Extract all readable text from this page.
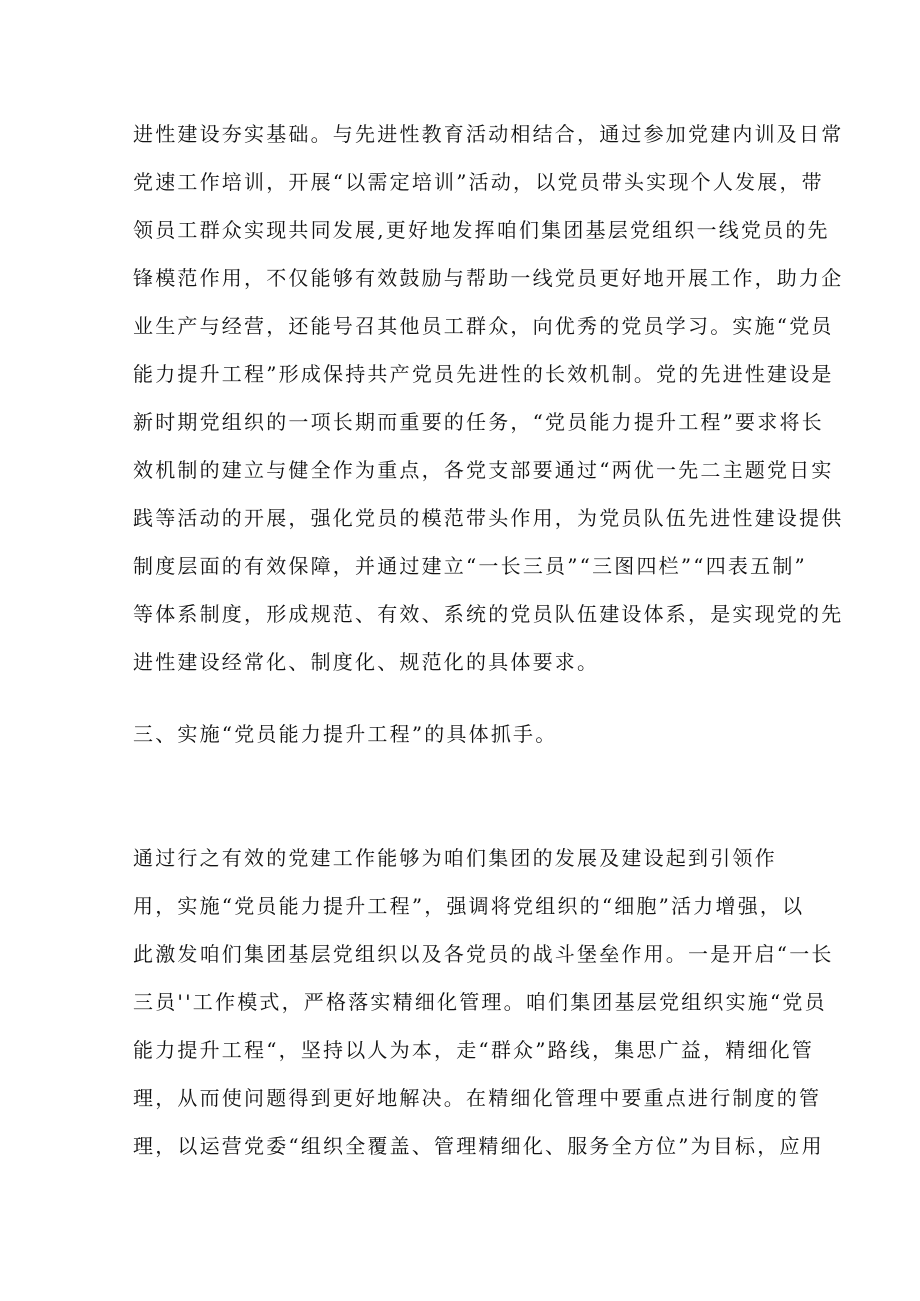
进性建设夯实基础。与先进性教育活动相结合，通过参加党建内训及日常
党速工作培训，开展“以需定培训”活动，以党员带头实现个人发展，带
领员工群众实现共同发展,更好地发挥咱们集团基层党组织一线党员的先
锋模范作用，不仅能够有效鼓励与帮助一线党员更好地开展工作，助力企
业生产与经营，还能号召其他员工群众，向优秀的党员学习。实施“党员
能力提升工程”形成保持共产党员先进性的长效机制。党的先进性建设是
新时期党组织的一项长期而重要的任务，“党员能力提升工程”要求将长
效机制的建立与健全作为重点，各党支部要通过“两优一先二主题党日实
践等活动的开展，强化党员的模范带头作用，为党员队伍先进性建设提供
制度层面的有效保障，并通过建立“一长三员”“三图四栏”“四表五制”
等体系制度，形成规范、有效、系统的党员队伍建设体系，是实现党的先
进性建设经常化、制度化、规范化的具体要求。
三、实施“党员能力提升工程”的具体抓手。
通过行之有效的党建工作能够为咱们集团的发展及建设起到引领作
用，实施“党员能力提升工程”，强调将党组织的“细胞”活力增强，以
此激发咱们集团基层党组织以及各党员的战斗堡垒作用。一是开启“一长
三员''工作模式，严格落实精细化管理。咱们集团基层党组织实施“党员
能力提升工程“，坚持以人为本，走“群众”路线，集思广益，精细化管
理，从而使问题得到更好地解决。在精细化管理中要重点进行制度的管
理，以运营党委“组织全覆盖、管理精细化、服务全方位”为目标，应用
